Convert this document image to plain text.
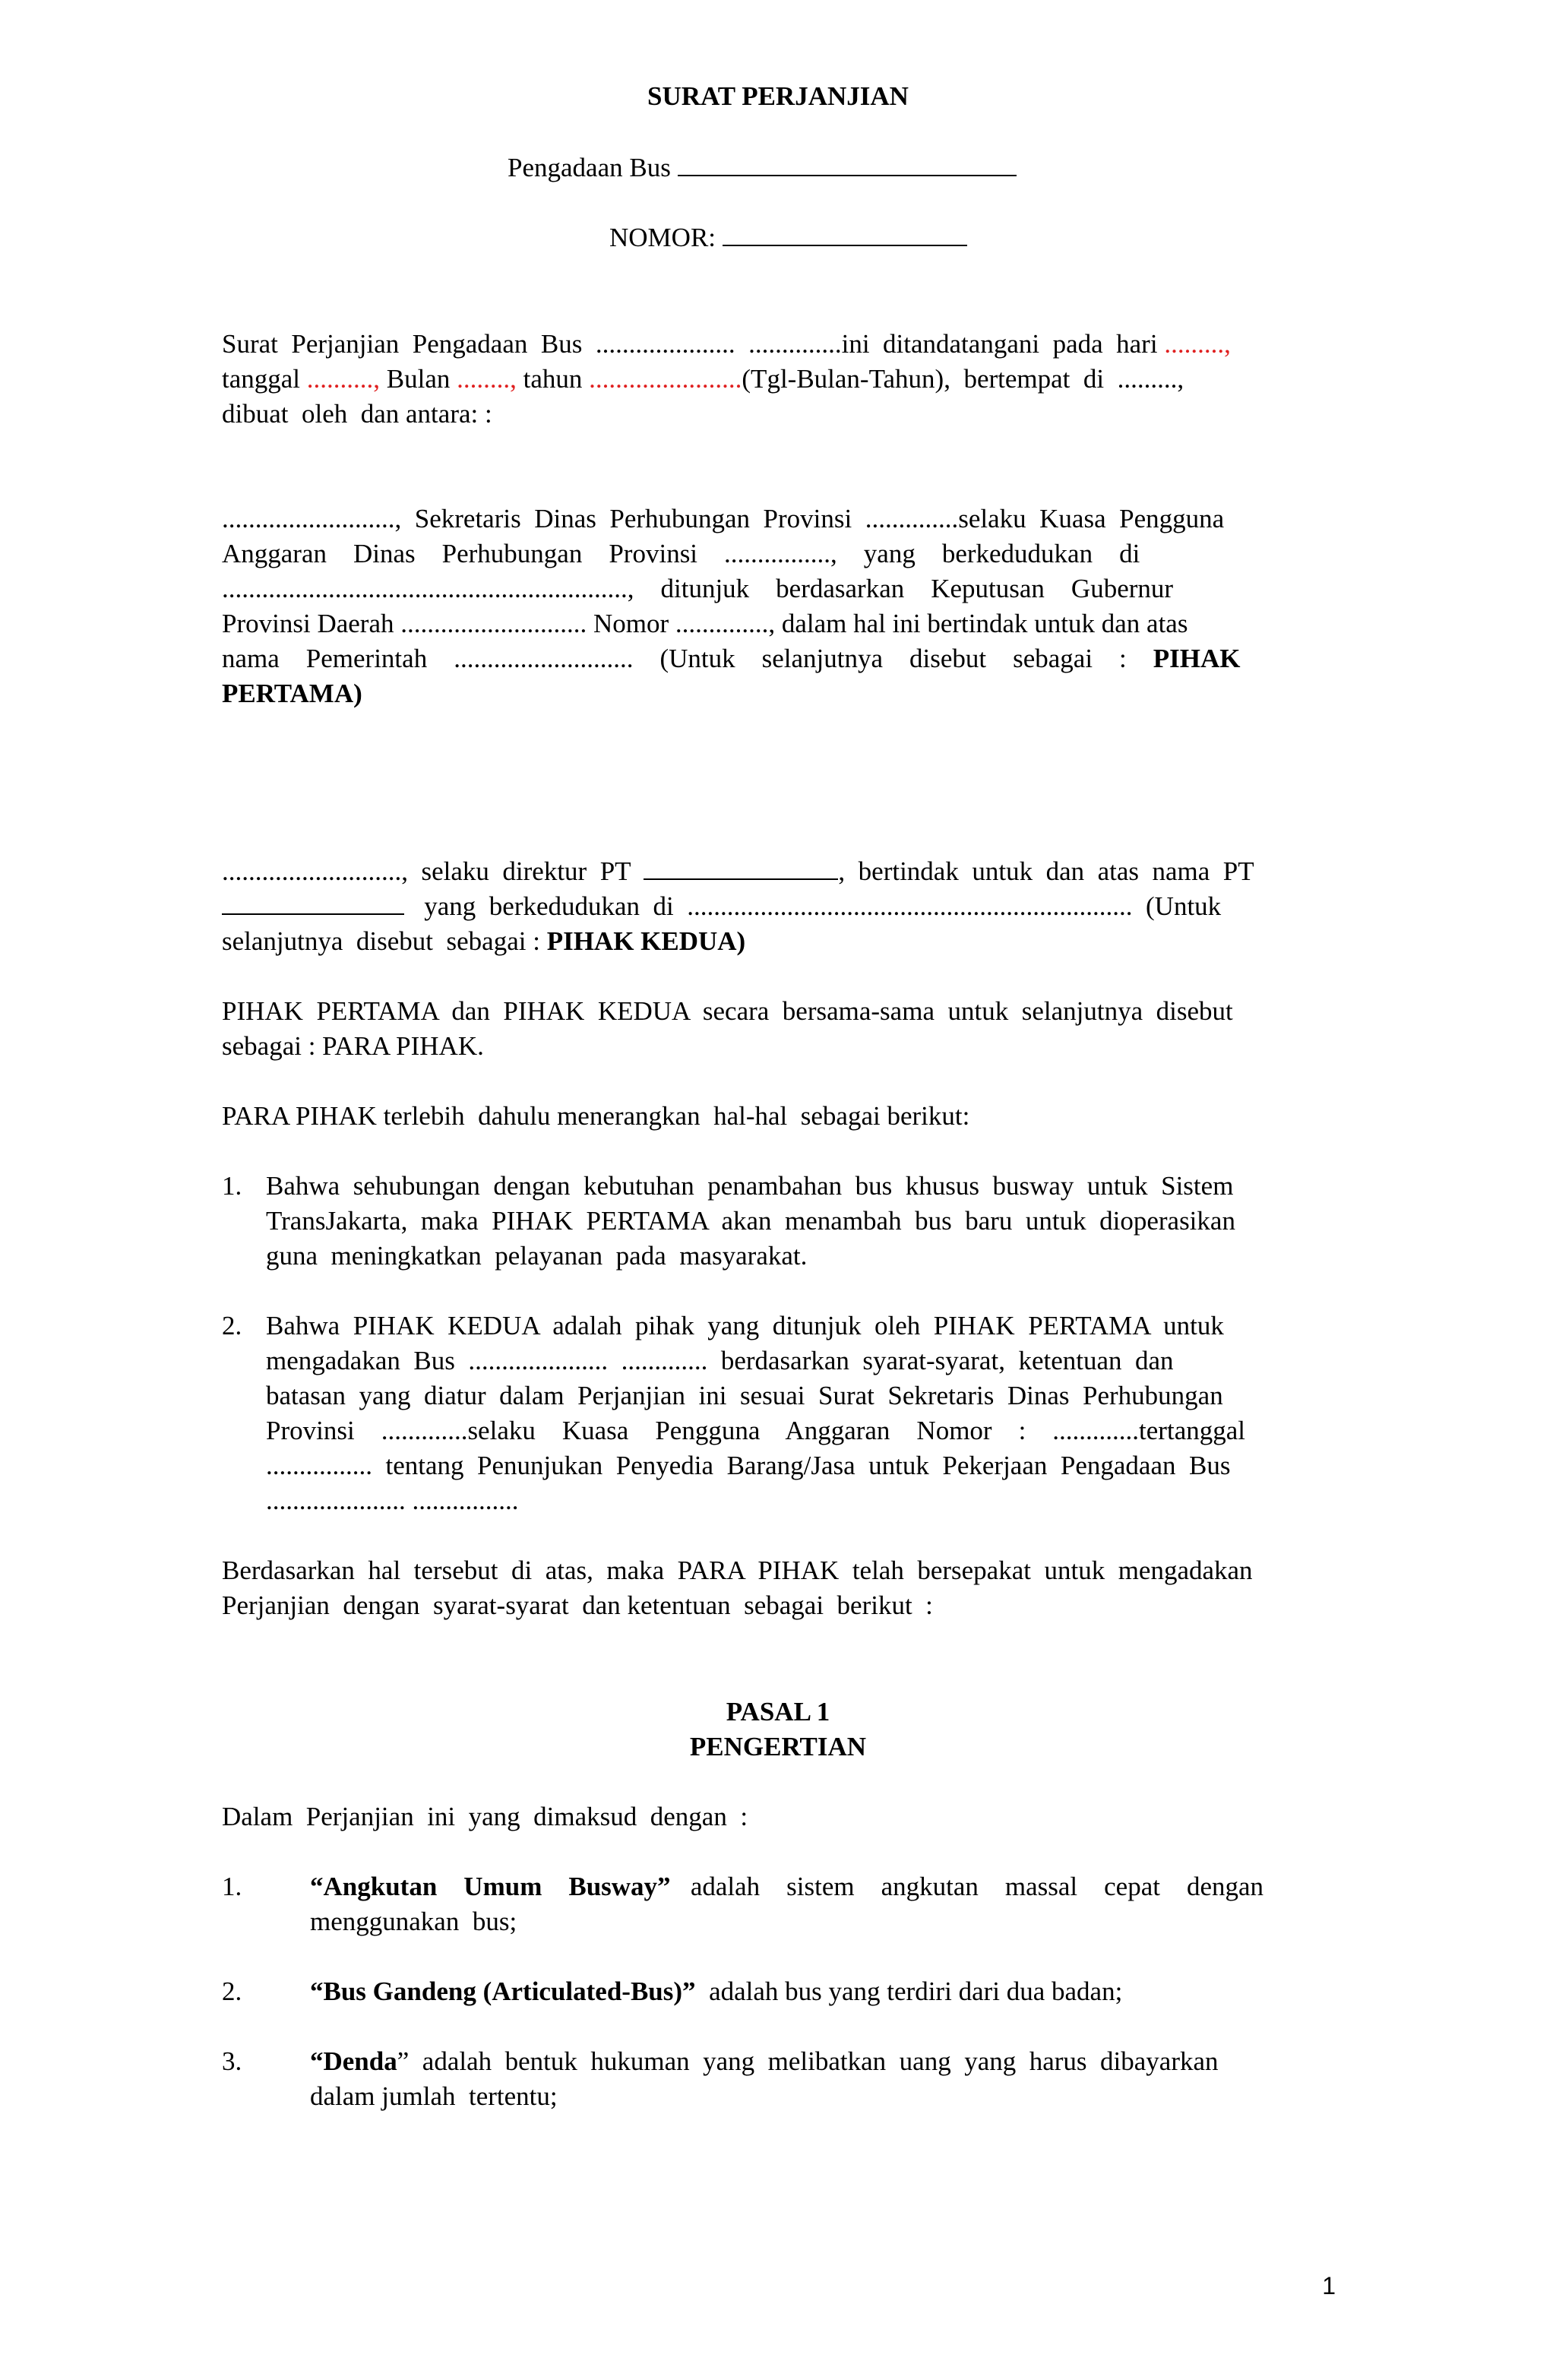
SURAT PERJANJIAN
Pengadaan Bus
NOMOR:
Surat  Perjanjian  Pengadaan  Bus  .....................  ..............ini  ditandatangani  pada  hari .........,
tanggal .........., Bulan ........, tahun .......................(Tgl-Bulan-Tahun),  bertempat  di  .........,
dibuat  oleh  dan antara: :
..........................,  Sekretaris  Dinas  Perhubungan  Provinsi  ..............selaku  Kuasa  Pengguna
Anggaran    Dinas    Perhubungan    Provinsi    ................,    yang    berkedudukan    di
.............................................................,    ditunjuk    berdasarkan    Keputusan    Gubernur
Provinsi Daerah ............................ Nomor .............., dalam hal ini bertindak untuk dan atas
nama    Pemerintah    ...........................    (Untuk    selanjutnya    disebut    sebagai    : PIHAK
PERTAMA)
...........................,  selaku  direktur  PT	,  bertindak  untuk  dan  atas  nama  PT
yang  berkedudukan  di ...................................................................  (Untuk
selanjutnya  disebut  sebagai : PIHAK KEDUA)
PIHAK  PERTAMA  dan  PIHAK  KEDUA  secara  bersama-sama  untuk  selanjutnya  disebut
sebagai : PARA PIHAK.
PARA PIHAK terlebih  dahulu menerangkan  hal-hal  sebagai berikut:
1. Bahwa  sehubungan  dengan  kebutuhan  penambahan  bus  khusus  busway  untuk  Sistem
TransJakarta,  maka  PIHAK  PERTAMA  akan  menambah  bus  baru  untuk  dioperasikan
guna  meningkatkan  pelayanan  pada  masyarakat.
2. Bahwa  PIHAK  KEDUA  adalah  pihak  yang  ditunjuk  oleh  PIHAK  PERTAMA  untuk
mengadakan  Bus  .....................  .............  berdasarkan  syarat-syarat,  ketentuan  dan
batasan  yang  diatur  dalam  Perjanjian  ini  sesuai  Surat  Sekretaris  Dinas  Perhubungan
Provinsi    .............selaku    Kuasa    Pengguna    Anggaran    Nomor    :    .............tertanggal
................  tentang  Penunjukan  Penyedia  Barang/Jasa  untuk  Pekerjaan  Pengadaan  Bus
..................... ................
Berdasarkan  hal  tersebut  di  atas,  maka  PARA  PIHAK  telah  bersepakat  untuk  mengadakan
Perjanjian  dengan  syarat-syarat  dan ketentuan  sebagai  berikut  :
PASAL 1
PENGERTIAN
Dalam  Perjanjian  ini  yang  dimaksud  dengan  :
1.	“Angkutan    Umum    Busway”   adalah    sistem    angkutan    massal    cepat    dengan
menggunakan  bus;
2.	“Bus Gandeng (Articulated-Bus)”  adalah bus yang terdiri dari dua badan;
3.	“Denda”  adalah  bentuk  hukuman  yang  melibatkan  uang  yang  harus  dibayarkan
dalam jumlah  tertentu;
1
